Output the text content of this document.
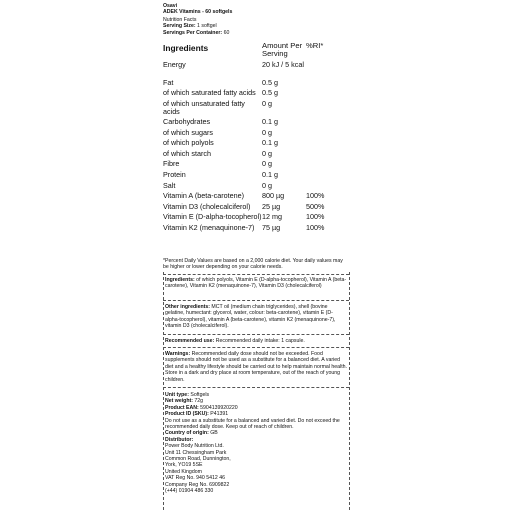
Osavi
ADEK Vitamins - 60 softgels
Nutrition Facts
Serving Size: 1 softgel
Servings Per Container: 60
Ingredients	Amount Per Serving	%RI*
Energy	20 kJ / 5 kcal	
Fat	0.5 g	
of which saturated fatty acids	0.5 g	
of which unsaturated fatty acids	0 g	
Carbohydrates	0.1 g	
of which sugars	0 g	
of which polyols	0.1 g	
of which starch	0 g	
Fibre	0 g	
Protein	0.1 g	
Salt	0 g	
Vitamin A (beta-carotene)	800 µg	100%
Vitamin D3 (cholecalciferol)	25 µg	500%
Vitamin E (D-alpha-tocopherol)	12 mg	100%
Vitamin K2 (menaquinone-7)	75 µg	100%
*Percent Daily Values are based on a 2,000 calorie diet. Your daily values may be higher or lower depending on your calorie needs.
Ingredients: of which polyols, Vitamin E (D-alpha-tocopherol), Vitamin A (beta-carotene), Vitamin K2 (menaquinone-7), Vitamin D3 (cholecalciferol)
Other ingredients: MCT oil (medium chain triglycerides), shell (bovine gelatine, humectant: glycerol, water, colour: beta-carotene), vitamin E (D-alpha-tocopherol), vitamin A (beta-carotene), vitamin K2 (menaquinone-7), vitamin D3 (cholecalciferol).
Recommended use: Recommended daily intake: 1 capsule.
Warnings: Recommended daily dose should not be exceeded. Food supplements should not be used as a substitute for a balanced diet. A varied diet and a healthy lifestyle should be carried out to help maintain normal health. Store in a dark and dry place at room temperature, out of the reach of young children.
Unit type: Softgels
Net weight: 72g
Product EAN: 5904139920220
Product ID (SKU): P41391
Do not use as a substitute for a balanced and varied diet. Do not exceed the recommended daily dose. Keep out of reach of children.
Country of origin: GB
Distributor:
Power Body Nutrition Ltd.
Unit 11 Chessingham Park
Common Road, Dunnington,
York, YO19 5SE
United Kingdom
VAT Reg No. 940 5412 46
Company Reg No. 6909822
(+44) 01904 486 330
